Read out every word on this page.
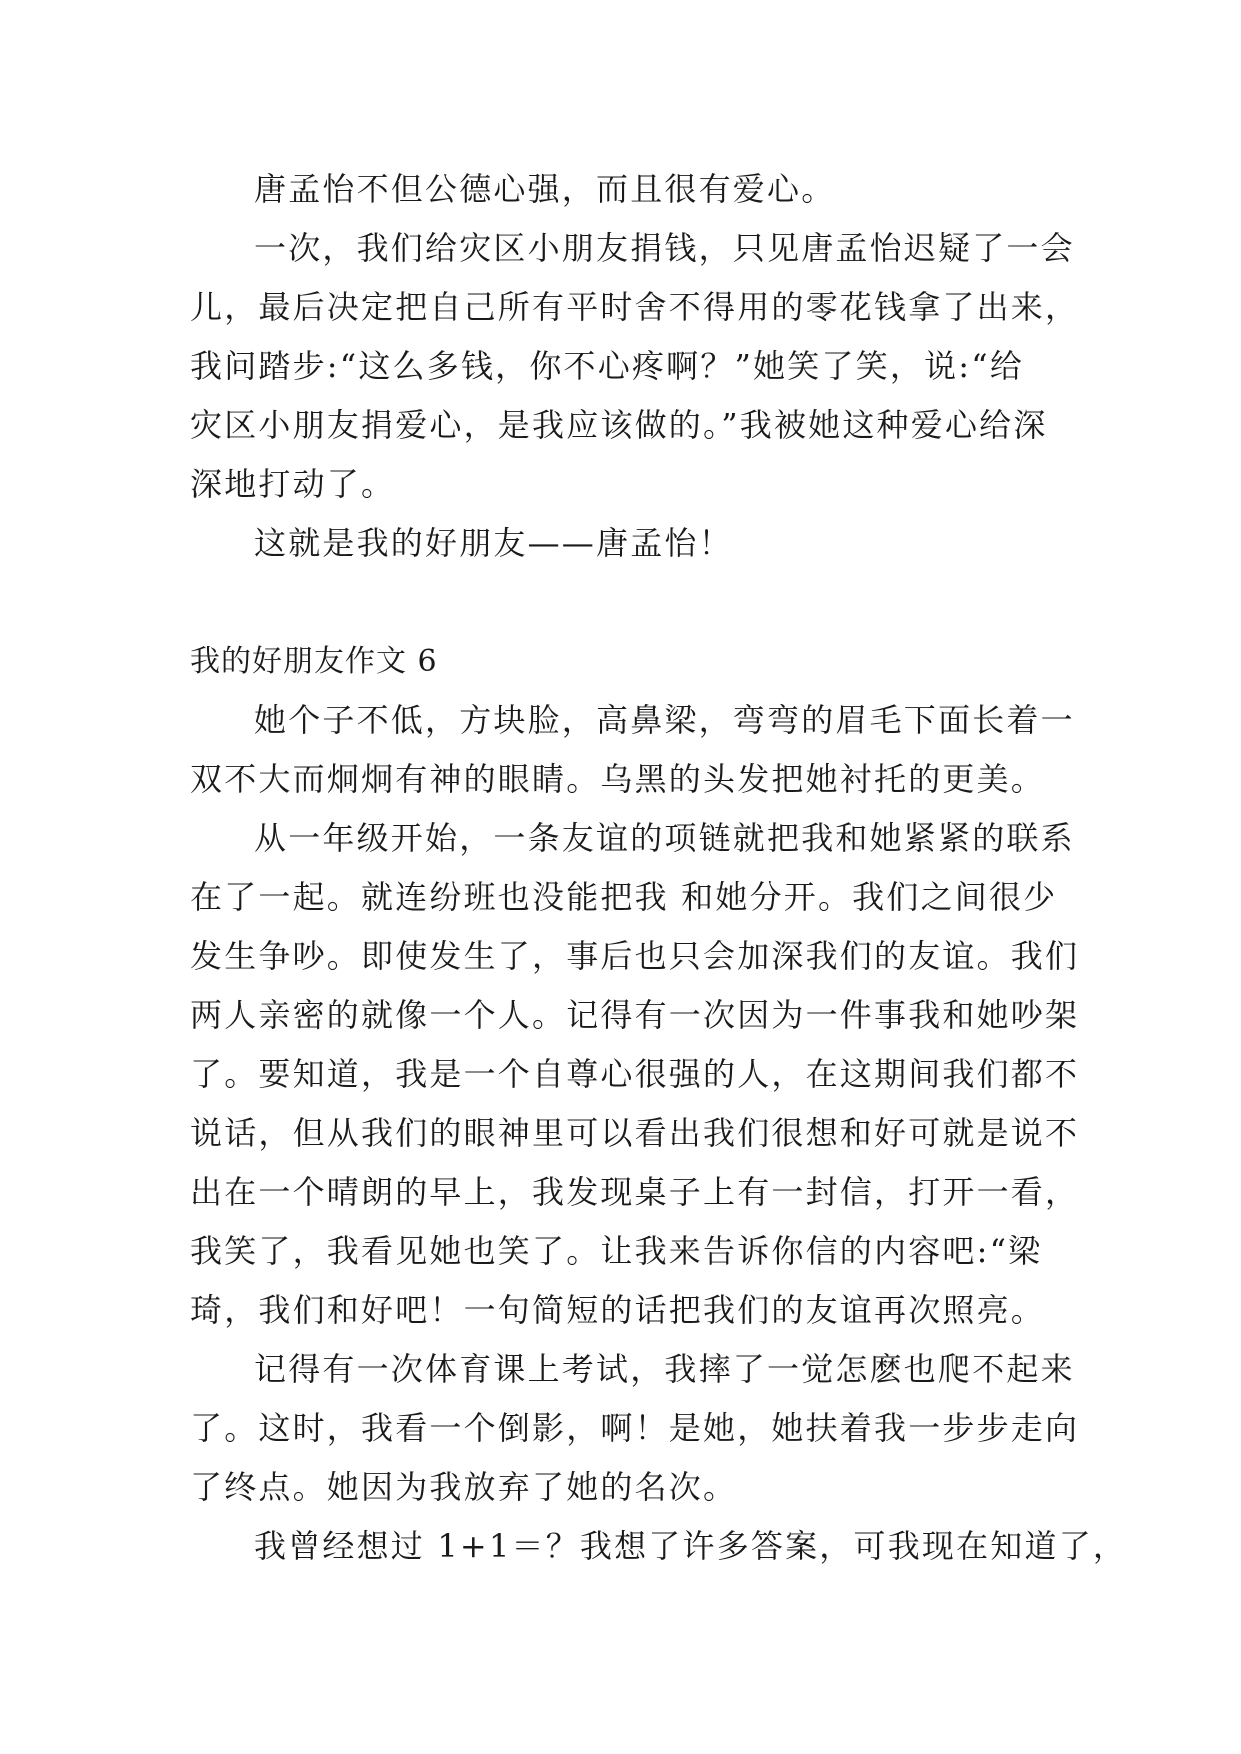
唐孟怡不但公德心强，而且很有爱心。
一次，我们给灾区小朋友捐钱，只见唐孟怡迟疑了一会
儿，最后决定把自己所有平时舍不得用的零花钱拿了出来，
我问踏步:“这么多钱，你不心疼啊？”她笑了笑，说:“给
灾区小朋友捐爱心，是我应该做的。”我被她这种爱心给深
深地打动了。
这就是我的好朋友——唐孟怡！
我的好朋友作文 6
她个子不低，方块脸，高鼻梁，弯弯的眉毛下面长着一
双不大而炯炯有神的眼睛。乌黑的头发把她衬托的更美。
从一年级开始，一条友谊的项链就把我和她紧紧的联系
在了一起。就连纷班也没能把我 和她分开。我们之间很少
发生争吵。即使发生了，事后也只会加深我们的友谊。我们
两人亲密的就像一个人。记得有一次因为一件事我和她吵架
了。要知道，我是一个自尊心很强的人，在这期间我们都不
说话，但从我们的眼神里可以看出我们很想和好可就是说不
出在一个晴朗的早上，我发现桌子上有一封信，打开一看，
我笑了，我看见她也笑了。让我来告诉你信的内容吧:“梁
琦，我们和好吧！一句简短的话把我们的友谊再次照亮。
记得有一次体育课上考试，我摔了一觉怎麽也爬不起来
了。这时，我看一个倒影，啊！是她，她扶着我一步步走向
了终点。她因为我放弃了她的名次。
我曾经想过 1+1＝？我想了许多答案，可我现在知道了，
